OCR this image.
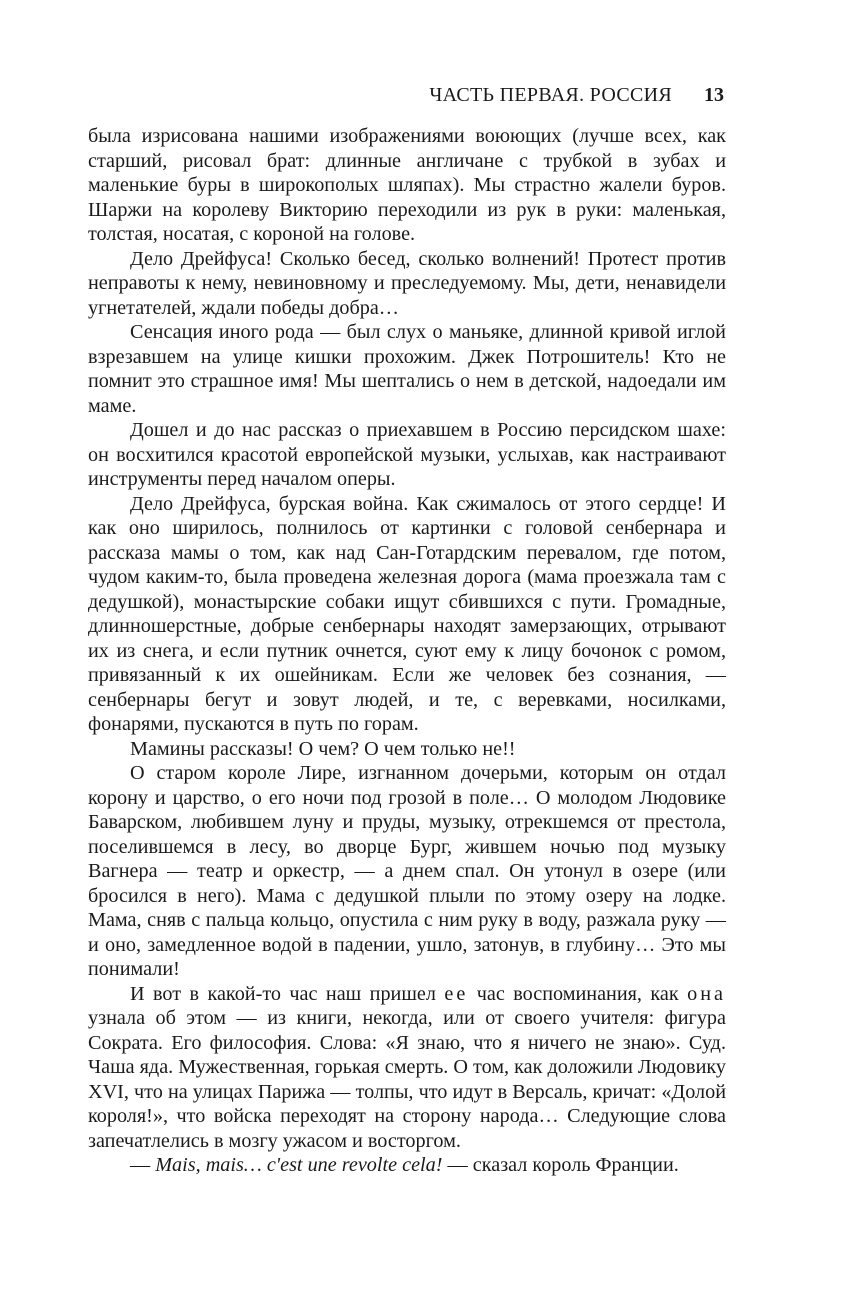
ЧАСТЬ ПЕРВАЯ. РОССИЯ 13

была изрисована нашими изображениями воюющих (лучше всех, как старший, рисовал брат: длинные англичане с трубкой в зубах и маленькие буры в широкополых шляпах). Мы страстно жалели буров. Шаржи на королеву Викторию переходили из рук в руки: маленькая, толстая, носатая, с короной на голове.

Дело Дрейфуса! Сколько бесед, сколько волнений! Протест против неправоты к нему, невиновному и преследуемому. Мы, дети, ненавидели угнетателей, ждали победы добра…

Сенсация иного рода — был слух о маньяке, длинной кривой иглой взрезавшем на улице кишки прохожим. Джек Потрошитель! Кто не помнит это страшное имя! Мы шептались о нем в детской, надоедали им маме.

Дошел и до нас рассказ о приехавшем в Россию персидском шахе: он восхитился красотой европейской музыки, услыхав, как настраивают инструменты перед началом оперы.

Дело Дрейфуса, бурская война. Как сжималось от этого сердце! И как оно ширилось, полнилось от картинки с головой сенбернара и рассказа мамы о том, как над Сан-Готардским перевалом, где потом, чудом каким-то, была проведена железная дорога (мама проезжала там с дедушкой), монастырские собаки ищут сбившихся с пути. Громадные, длинношерстные, добрые сенбернары находят замерзающих, отрывают их из снега, и если путник очнется, суют ему к лицу бочонок с ромом, привязанный к их ошейникам. Если же человек без сознания, — сенбернары бегут и зовут людей, и те, с веревками, носилками, фонарями, пускаются в путь по горам.

Мамины рассказы! О чем? О чем только не!!

О старом короле Лире, изгнанном дочерьми, которым он отдал корону и царство, о его ночи под грозой в поле… О молодом Людовике Баварском, любившем луну и пруды, музыку, отрекшемся от престола, поселившемся в лесу, во дворце Бург, жившем ночью под музыку Вагнера — театр и оркестр, — а днем спал. Он утонул в озере (или бросился в него). Мама с дедушкой плыли по этому озеру на лодке. Мама, сняв с пальца кольцо, опустила с ним руку в воду, разжала руку — и оно, замедленное водой в падении, ушло, затонув, в глубину… Это мы понимали!

И вот в какой-то час наш пришел ее час воспоминания, как она узнала об этом — из книги, некогда, или от своего учителя: фигура Сократа. Его философия. Слова: «Я знаю, что я ничего не знаю». Суд. Чаша яда. Мужественная, горькая смерть. О том, как доложили Людовику XVI, что на улицах Парижа — толпы, что идут в Версаль, кричат: «Долой короля!», что войска переходят на сторону народа… Следующие слова запечатлелись в мозгу ужасом и восторгом.

— Mais, mais… c'est une revolte cela! — сказал король Франции.
